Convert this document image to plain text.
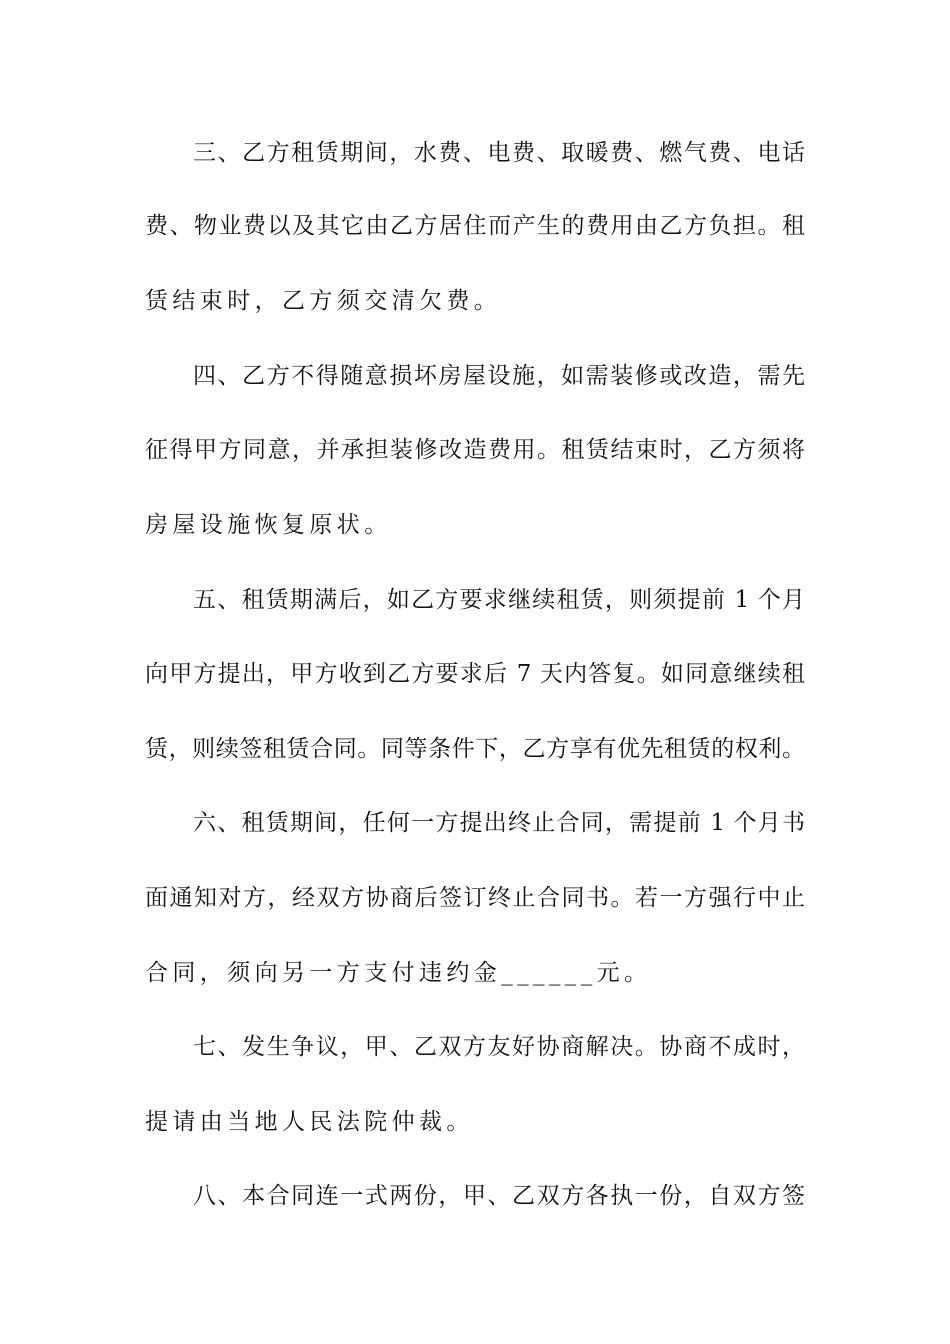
三、乙方租赁期间，水费、电费、取暖费、燃气费、电话
费、物业费以及其它由乙方居住而产生的费用由乙方负担。租
赁结束时，乙方须交清欠费。
四、乙方不得随意损坏房屋设施，如需装修或改造，需先
征得甲方同意，并承担装修改造费用。租赁结束时，乙方须将
房屋设施恢复原状。
五、租赁期满后，如乙方要求继续租赁，则须提前 1 个月
向甲方提出，甲方收到乙方要求后 7 天内答复。如同意继续租
赁，则续签租赁合同。同等条件下，乙方享有优先租赁的权利。
六、租赁期间，任何一方提出终止合同，需提前 1 个月书
面通知对方，经双方协商后签订终止合同书。若一方强行中止
合同，须向另一方支付违约金______元。
七、发生争议，甲、乙双方友好协商解决。协商不成时，
提请由当地人民法院仲裁。
八、本合同连一式两份，甲、乙双方各执一份，自双方签
